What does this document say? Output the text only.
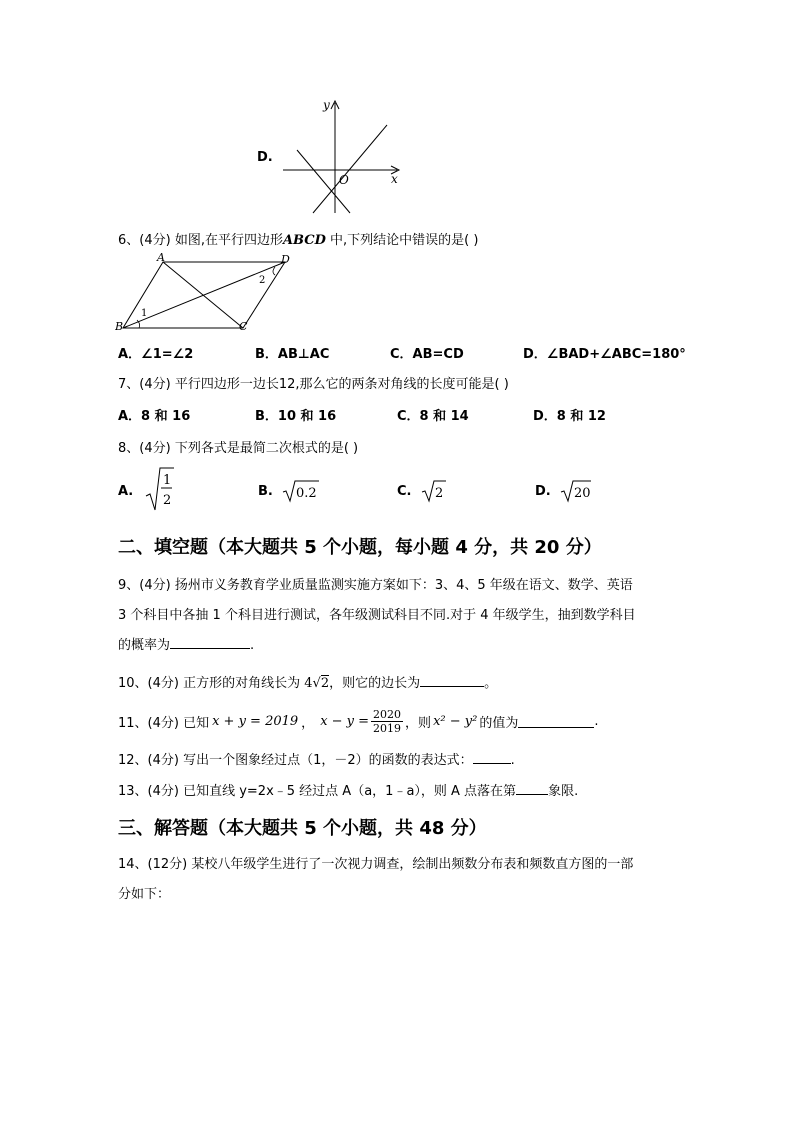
D.
y
x
O
6、(4分) 如图,在平行四边形ABCD 中,下列结论中错误的是( )
A	D
B	C
1
2
A．∠1=∠2	B．AB⊥AC	C．AB=CD	D．∠BAD+∠ABC=180°
7、(4分) 平行四边形一边长12,那么它的两条对角线的长度可能是( )
A．8 和 16	B．10 和 16	C．8 和 14	D．8 和 12
8、(4分) 下列各式是最简二次根式的是( )
A.
1
2
B. 0.2	C. 2	D. 20
二、填空题（本大题共 5 个小题，每小题 4 分，共 20 分）
9、(4分) 扬州市义务教育学业质量监测实施方案如下：3、4、5 年级在语文、数学、英语
3 个科目中各抽 1 个科目进行测试，各年级测试科目不同.对于 4 年级学生，抽到数学科目
的概率为	.
10、(4分) 正方形的对角线长为 4√2，则它的边长为	。
11、(4分) 已知 x + y = 2019 ， $x - y = \frac{2020}{2019}$ ，则 x² − y² 的值为	.
12、(4分) 写出一个图象经过点（1，－2）的函数的表达式：	.
13、(4分) 已知直线 y=2x﹣5 经过点 A（a，1﹣a），则 A 点落在第 象限.
三、解答题（本大题共 5 个小题，共 48 分）
14、(12分) 某校八年级学生进行了一次视力调查，绘制出频数分布表和频数直方图的一部
分如下：
